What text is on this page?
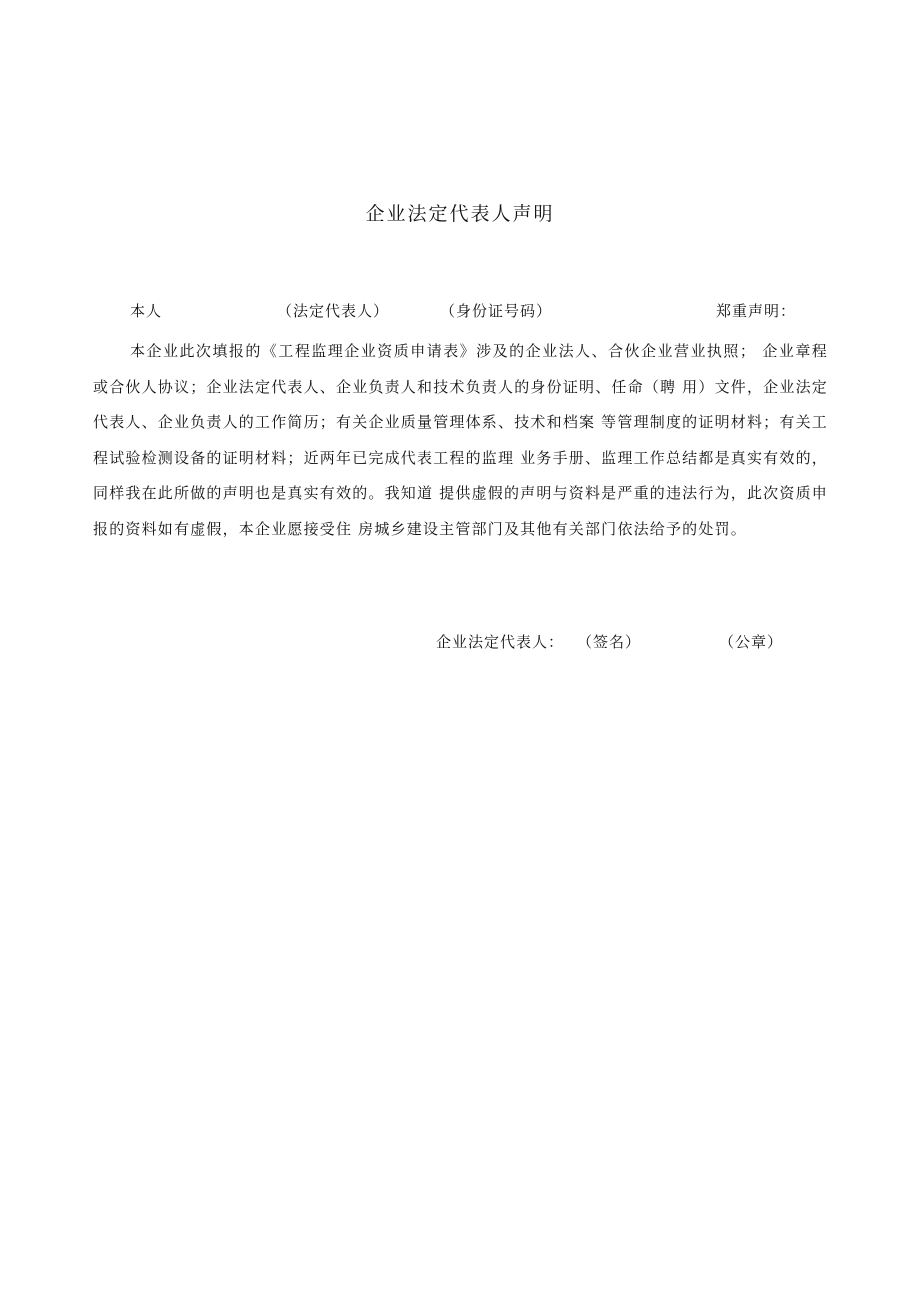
企业法定代表人声明
本人	（法定代表人）	（身份证号码）	郑重声明：

本企业此次填报的《工程监理企业资质申请表》涉及的企业法人、合伙企业营业执照； 企业章程或合伙人协议；企业法定代表人、企业负责人和技术负责人的身份证明、任命（聘 用）文件，企业法定代表人、企业负责人的工作简历；有关企业质量管理体系、技术和档案 等管理制度的证明材料；有关工程试验检测设备的证明材料；近两年已完成代表工程的监理 业务手册、监理工作总结都是真实有效的，同样我在此所做的声明也是真实有效的。我知道 提供虚假的声明与资料是严重的违法行为，此次资质申报的资料如有虚假，本企业愿接受住 房城乡建设主管部门及其他有关部门依法给予的处罚。

企业法定代表人： （签名）	（公章）
